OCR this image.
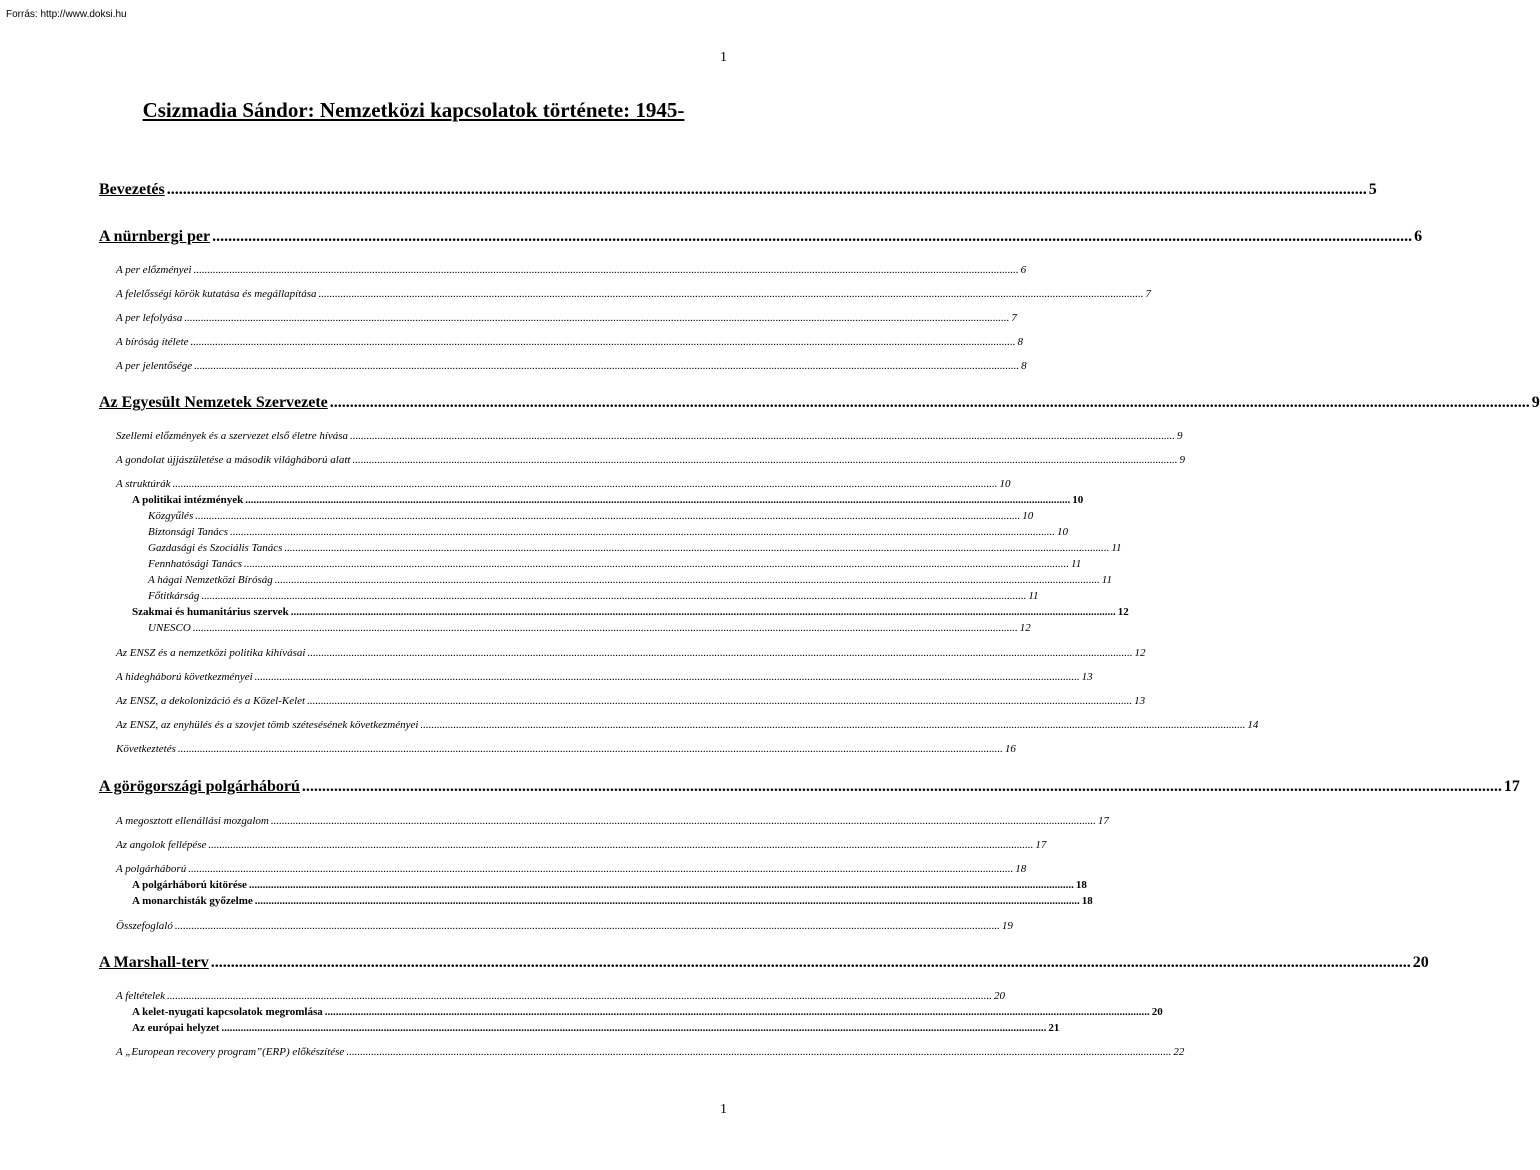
Forrás: http://www.doksi.hu
1
Csizmadia Sándor: Nemzetközi kapcsolatok története: 1945-
Bevezetés ............................................................................................................................................................................................................................................................................................................ 5
A nürnbergi per ............................................................................................................................................................................................................................................................................................................ 6
A per előzményei ............................................................................................................................................................................................................................................................................................................ 6
A felelősségi körök kutatása és megállapítása ............................................................................................................................................................................................................................................................................................................ 7
A per lefolyása ............................................................................................................................................................................................................................................................................................................ 7
A bíróság ítélete ............................................................................................................................................................................................................................................................................................................ 8
A per jelentősége ............................................................................................................................................................................................................................................................................................................ 8
Az Egyesült Nemzetek Szervezete ............................................................................................................................................................................................................................................................................................................ 9
Szellemi előzmények és a szervezet első életre hívása ............................................................................................................................................................................................................................................................................................................ 9
A gondolat újjászületése a második világháború alatt ............................................................................................................................................................................................................................................................................................................ 9
A struktúrák ............................................................................................................................................................................................................................................................................................................ 10
A politikai intézmények ............................................................................................................................................................................................................................................................................................................ 10
Közgyűlés ............................................................................................................................................................................................................................................................................................................ 10
Biztonsági Tanács ............................................................................................................................................................................................................................................................................................................ 10
Gazdasági és Szociális Tanács ............................................................................................................................................................................................................................................................................................................ 11
Fennhatósági Tanács ............................................................................................................................................................................................................................................................................................................ 11
A hágai Nemzetközi Bíróság ............................................................................................................................................................................................................................................................................................................ 11
Főtitkárság ............................................................................................................................................................................................................................................................................................................ 11
Szakmai és humanitárius szervek ............................................................................................................................................................................................................................................................................................................ 12
UNESCO ............................................................................................................................................................................................................................................................................................................ 12
Az ENSZ és a nemzetközi politika kihívásai ............................................................................................................................................................................................................................................................................................................ 12
A hidegháború következményei ............................................................................................................................................................................................................................................................................................................ 13
Az ENSZ, a dekolonizáció és a Közel-Kelet ............................................................................................................................................................................................................................................................................................................ 13
Az ENSZ, az enyhülés és a szovjet tömb szétesésének következményei ............................................................................................................................................................................................................................................................................................................ 14
Következtetés ............................................................................................................................................................................................................................................................................................................ 16
A görögországi polgárháború ............................................................................................................................................................................................................................................................................................................ 17
A megosztott ellenállási mozgalom ............................................................................................................................................................................................................................................................................................................ 17
Az angolok fellépése ............................................................................................................................................................................................................................................................................................................ 17
A polgárháború ............................................................................................................................................................................................................................................................................................................ 18
A polgárháború kitörése ............................................................................................................................................................................................................................................................................................................ 18
A monarchisták győzelme ............................................................................................................................................................................................................................................................................................................ 18
Összefoglaló ............................................................................................................................................................................................................................................................................................................ 19
A Marshall-terv ............................................................................................................................................................................................................................................................................................................ 20
A feltételek ............................................................................................................................................................................................................................................................................................................ 20
A kelet-nyugati kapcsolatok megromlása ............................................................................................................................................................................................................................................................................................................ 20
Az európai helyzet ............................................................................................................................................................................................................................................................................................................ 21
A „European recovery program”(ERP) előkészítése ............................................................................................................................................................................................................................................................................................................ 22
1
